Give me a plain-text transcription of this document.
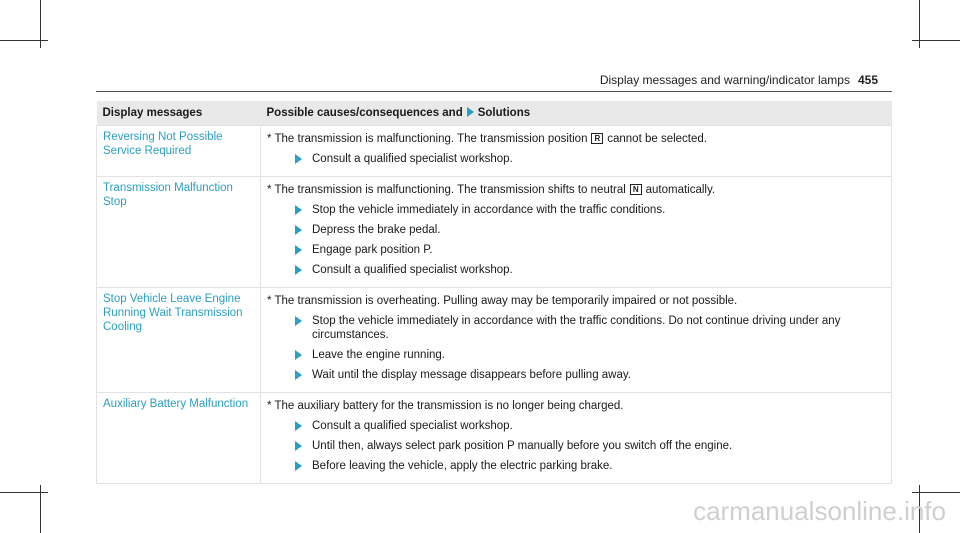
Display messages and warning/indicator lamps 455
Display messages	Possible causes/consequences and Solutions
Reversing Not Possible Service Required	* The transmission is malfunctioning. The transmission position R cannot be selected.
Consult a qualified specialist workshop.

Transmission Malfunction Stop	* The transmission is malfunctioning. The transmission shifts to neutral N automatically.
Stop the vehicle immediately in accordance with the traffic conditions.
Depress the brake pedal.
Engage park position P.
Consult a qualified specialist workshop.

Stop Vehicle Leave Engine Running Wait Transmission Cooling	* The transmission is overheating. Pulling away may be temporarily impaired or not possible.
Stop the vehicle immediately in accordance with the traffic conditions. Do not continue driving under any circumstances.
Leave the engine running.
Wait until the display message disappears before pulling away.

Auxiliary Battery Malfunction	* The auxiliary battery for the transmission is no longer being charged.
Consult a qualified specialist workshop.
Until then, always select park position P manually before you switch off the engine.
Before leaving the vehicle, apply the electric parking brake.
carmanualsonline.info
